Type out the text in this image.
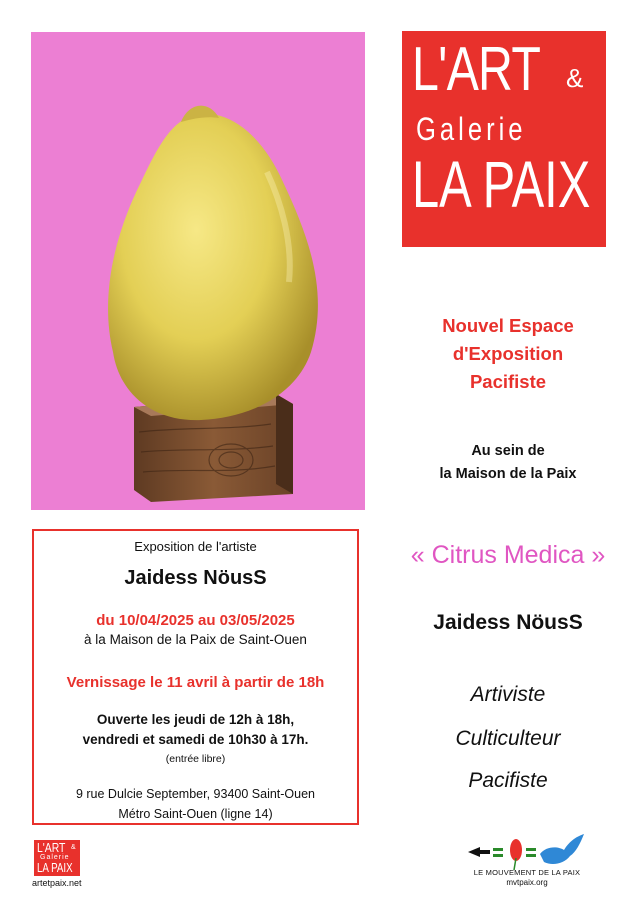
L'ART &
Galerie
LA PAIX
Nouvel Espace
d'Exposition
Pacifiste
Au sein de
la Maison de la Paix
« Citrus Medica »
Jaidess NöusS
Artiviste
Culticulteur
Pacifiste
Exposition de l'artiste
Jaidess NöusS
du 10/04/2025 au 03/05/2025
à la Maison de la Paix de Saint-Ouen
Vernissage le 11 avril à partir de 18h
Ouverte les jeudi de 12h à 18h,
vendredi et samedi de 10h30 à 17h.
(entrée libre)
9 rue Dulcie September, 93400 Saint-Ouen
Métro Saint-Ouen (ligne 14)
L'ART &
Galerie
LA PAIX
artetpaix.net
LE MOUVEMENT DE LA PAIX
mvtpaix.org
